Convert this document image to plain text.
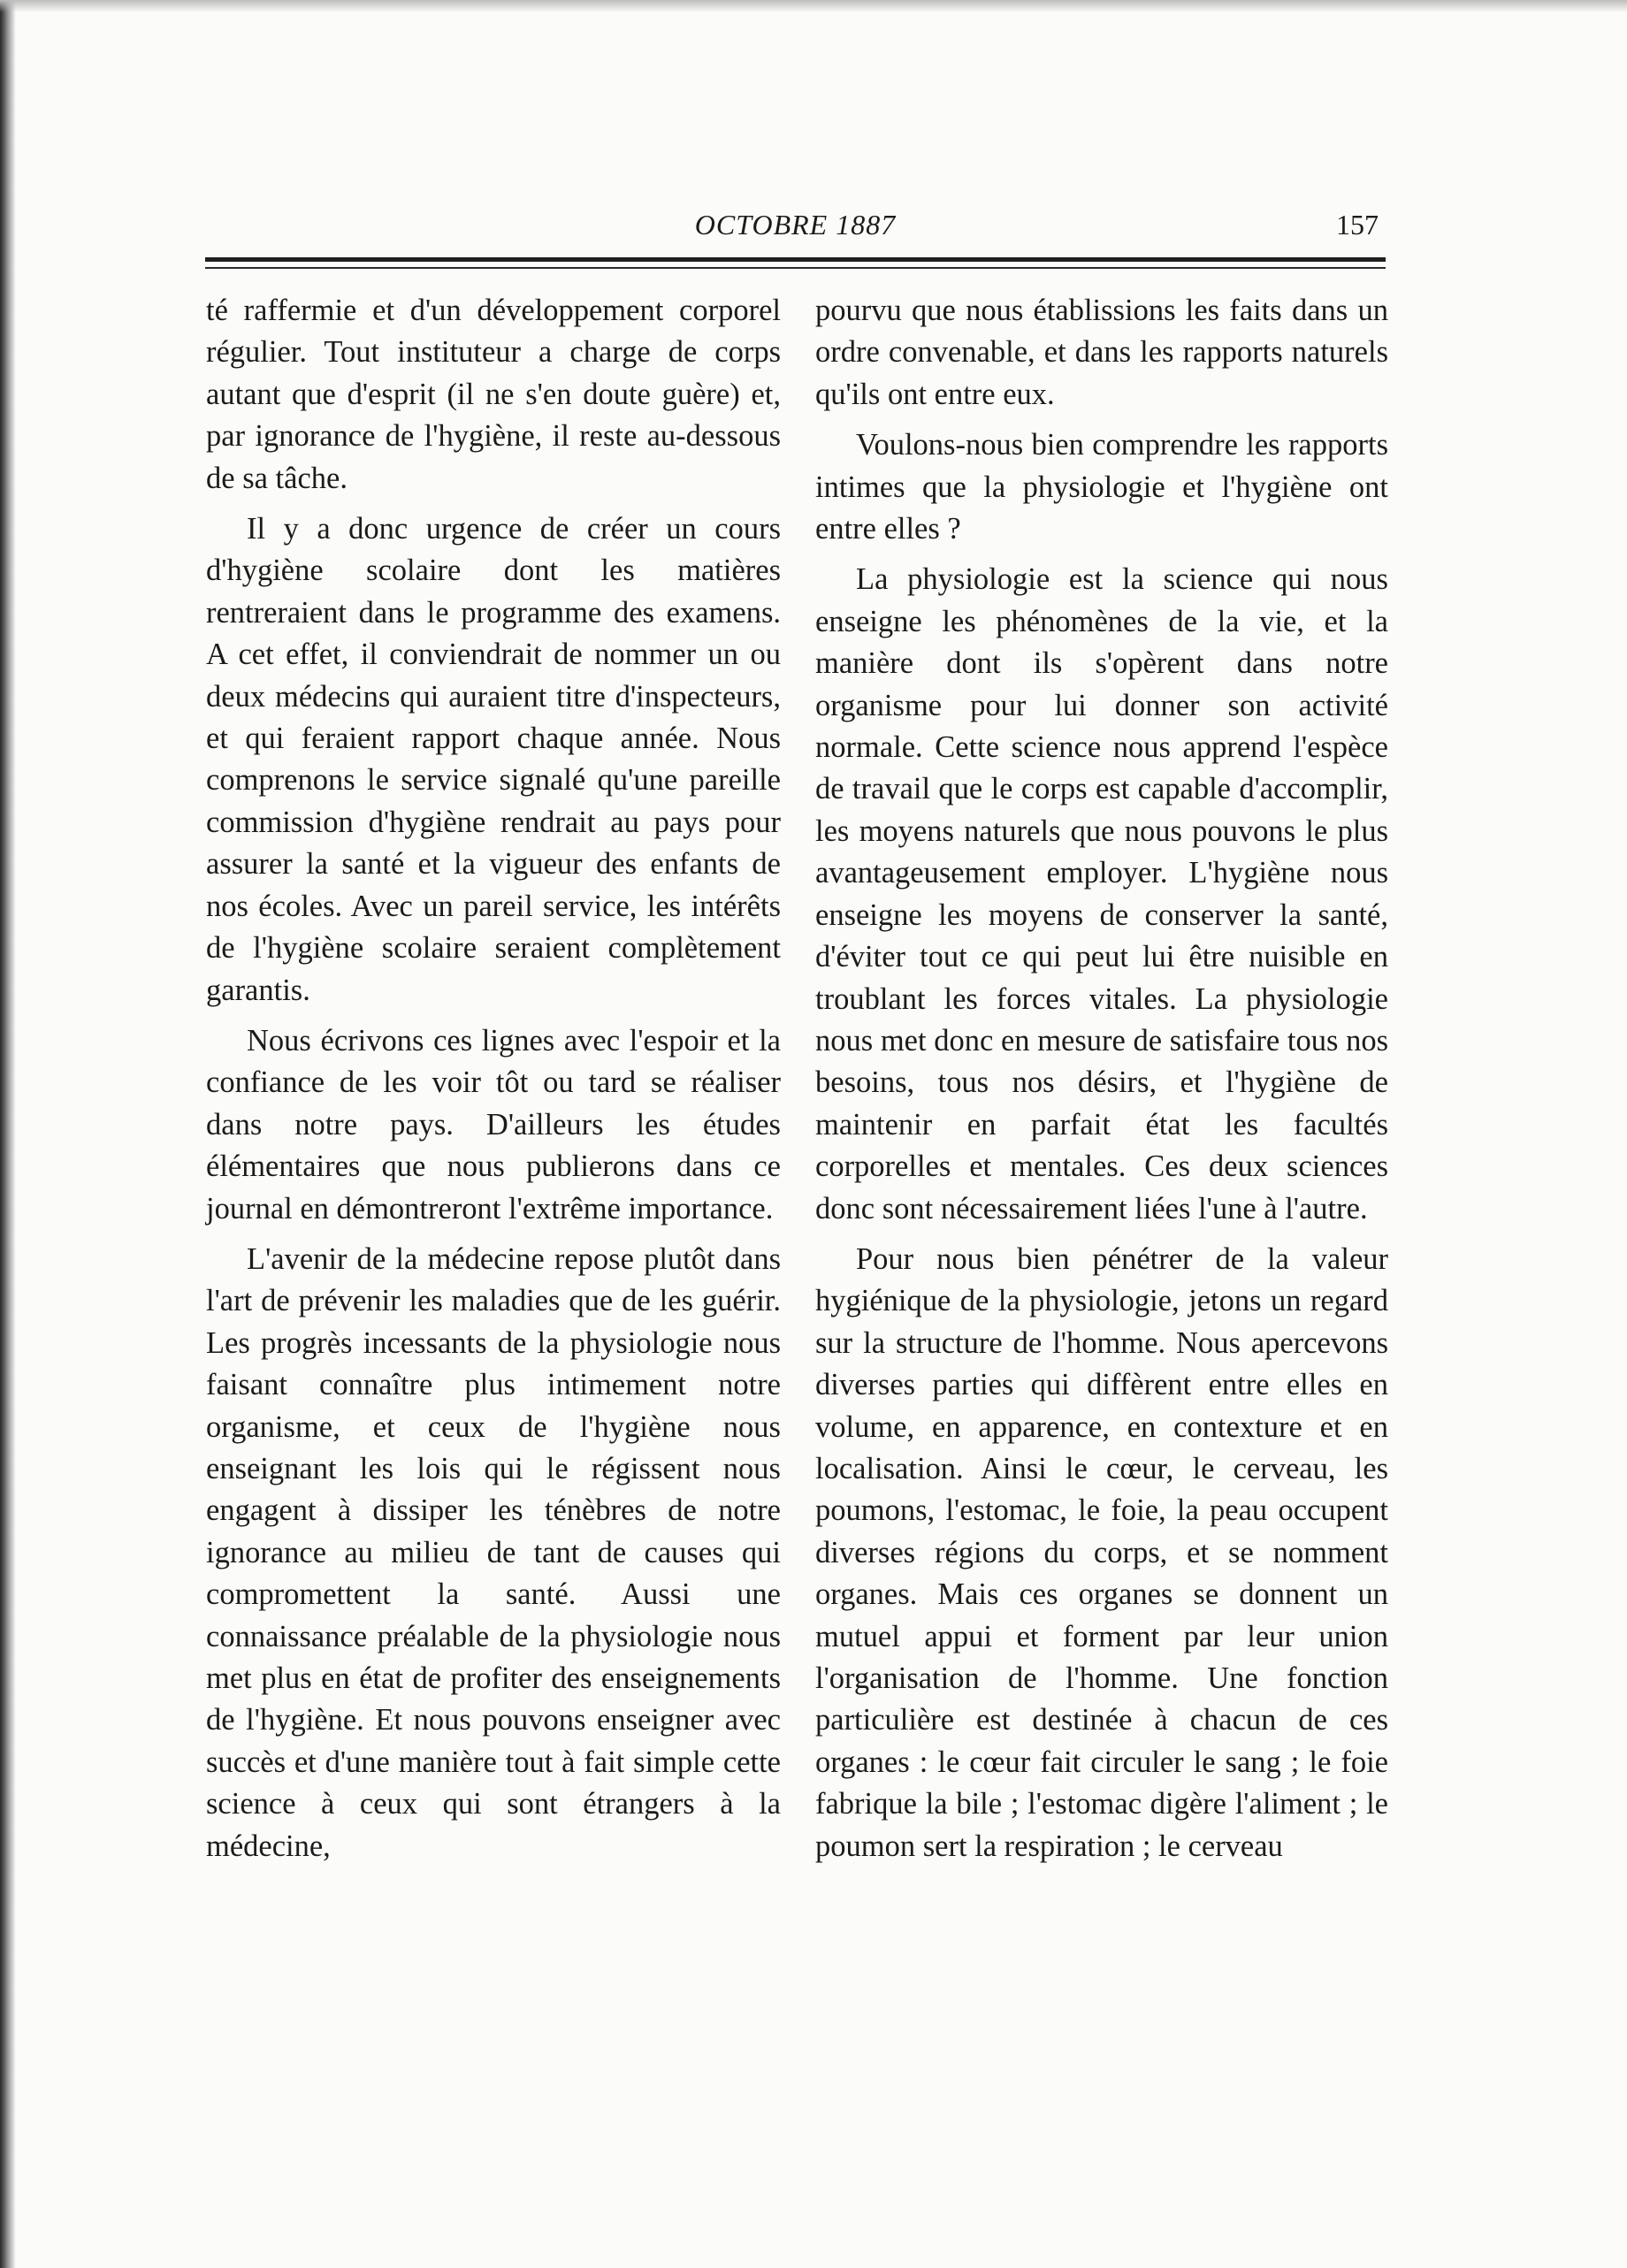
OCTOBRE 1887	157

té raffermie et d'un développement corporel régulier. Tout instituteur a charge de corps autant que d'esprit (il ne s'en doute guère) et, par ignorance de l'hygiène, il reste au-dessous de sa tâche.

Il y a donc urgence de créer un cours d'hygiène scolaire dont les matières rentreraient dans le programme des examens. A cet effet, il conviendrait de nommer un ou deux médecins qui auraient titre d'inspecteurs, et qui feraient rapport chaque année. Nous comprenons le service signalé qu'une pareille commission d'hygiène rendrait au pays pour assurer la santé et la vigueur des enfants de nos écoles. Avec un pareil service, les intérêts de l'hygiène scolaire seraient complètement garantis.

Nous écrivons ces lignes avec l'espoir et la confiance de les voir tôt ou tard se réaliser dans notre pays. D'ailleurs les études élémentaires que nous publierons dans ce journal en démontreront l'extrême importance.

L'avenir de la médecine repose plutôt dans l'art de prévenir les maladies que de les guérir. Les progrès incessants de la physiologie nous faisant connaître plus intimement notre organisme, et ceux de l'hygiène nous enseignant les lois qui le régissent nous engagent à dissiper les ténèbres de notre ignorance au milieu de tant de causes qui compromettent la santé. Aussi une connaissance préalable de la physiologie nous met plus en état de profiter des enseignements de l'hygiène. Et nous pouvons enseigner avec succès et d'une manière tout à fait simple cette science à ceux qui sont étrangers à la médecine,

pourvu que nous établissions les faits dans un ordre convenable, et dans les rapports naturels qu'ils ont entre eux.

Voulons-nous bien comprendre les rapports intimes que la physiologie et l'hygiène ont entre elles ?

La physiologie est la science qui nous enseigne les phénomènes de la vie, et la manière dont ils s'opèrent dans notre organisme pour lui donner son activité normale. Cette science nous apprend l'espèce de travail que le corps est capable d'accomplir, les moyens naturels que nous pouvons le plus avantageusement employer. L'hygiène nous enseigne les moyens de conserver la santé, d'éviter tout ce qui peut lui être nuisible en troublant les forces vitales. La physiologie nous met donc en mesure de satisfaire tous nos besoins, tous nos désirs, et l'hygiène de maintenir en parfait état les facultés corporelles et mentales. Ces deux sciences donc sont nécessairement liées l'une à l'autre.

Pour nous bien pénétrer de la valeur hygiénique de la physiologie, jetons un regard sur la structure de l'homme. Nous apercevons diverses parties qui diffèrent entre elles en volume, en apparence, en contexture et en localisation. Ainsi le cœur, le cerveau, les poumons, l'estomac, le foie, la peau occupent diverses régions du corps, et se nomment organes. Mais ces organes se donnent un mutuel appui et forment par leur union l'organisation de l'homme. Une fonction particulière est destinée à chacun de ces organes : le cœur fait circuler le sang ; le foie fabrique la bile ; l'estomac digère l'aliment ; le poumon sert la respiration ; le cerveau
